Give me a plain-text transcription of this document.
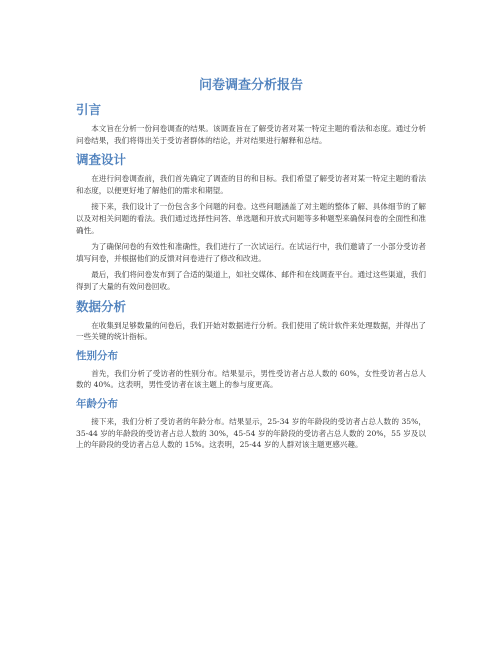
问卷调查分析报告
引言

本文旨在分析一份问卷调查的结果。该调查旨在了解受访者对某一特定主题的看法和态度。通过分析问卷结果，我们将得出关于受访者群体的结论，并对结果进行解释和总结。

调查设计

在进行问卷调查前，我们首先确定了调查的目的和目标。我们希望了解受访者对某一特定主题的看法和态度，以便更好地了解他们的需求和期望。

接下来，我们设计了一份包含多个问题的问卷。这些问题涵盖了对主题的整体了解、具体细节的了解以及对相关问题的看法。我们通过选择性问答、单选题和开放式问题等多种题型来确保问卷的全面性和准确性。

为了确保问卷的有效性和准确性，我们进行了一次试运行。在试运行中，我们邀请了一小部分受访者填写问卷，并根据他们的反馈对问卷进行了修改和改进。

最后，我们将问卷发布到了合适的渠道上，如社交媒体、邮件和在线调查平台。通过这些渠道，我们得到了大量的有效问卷回收。

数据分析

在收集到足够数量的问卷后，我们开始对数据进行分析。我们使用了统计软件来处理数据，并得出了一些关键的统计指标。

性别分布

首先，我们分析了受访者的性别分布。结果显示，男性受访者占总人数的 60%，女性受访者占总人数的 40%。这表明，男性受访者在该主题上的参与度更高。

年龄分布

接下来，我们分析了受访者的年龄分布。结果显示，25-34 岁的年龄段的受访者占总人数的 35%，35-44 岁的年龄段的受访者占总人数的 30%，45-54 岁的年龄段的受访者占总人数的 20%，55 岁及以上的年龄段的受访者占总人数的 15%。这表明，25-44 岁的人群对该主题更感兴趣。
